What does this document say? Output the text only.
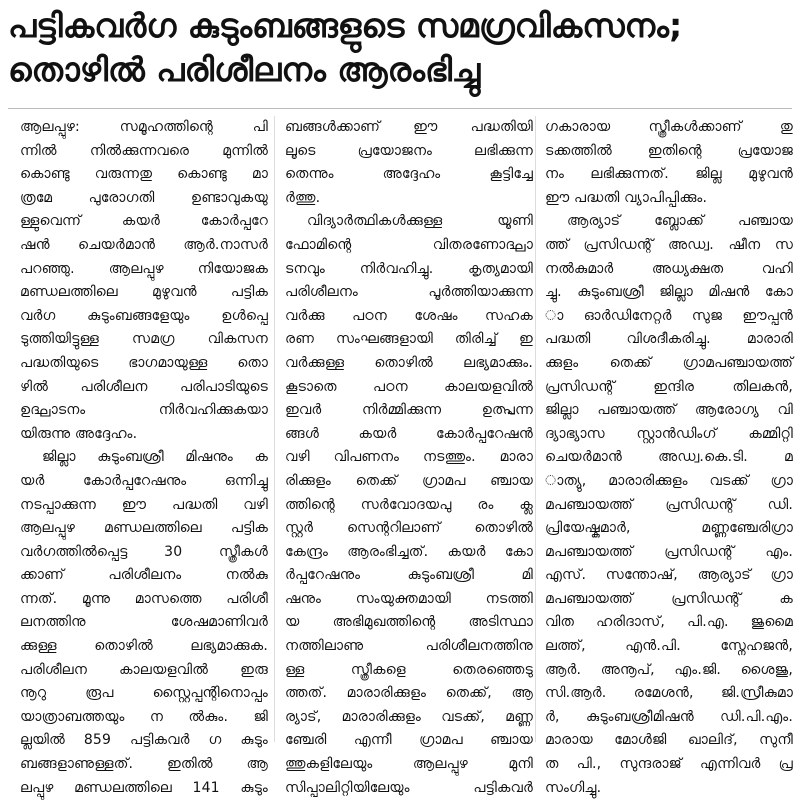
പട്ടികവർഗ കുടുംബങ്ങളുടെ സമഗ്രവികസനം;
തൊഴിൽ പരിശീലനം ആരംഭിച്ചു
ആലപ്പുഴ: സമൂഹത്തിന്റെ പി
ന്നിൽ നിൽക്കുന്നവരെ മുന്നിൽ
കൊണ്ടു വരുന്നതു കൊണ്ടു മാ
ത്രമേ പുരോഗതി ഉണ്ടാവുകയു
ള്ളുവെന്ന് കയർ കോർപ്പറേ
ഷൻ ചെയർമാൻ ആർ.നാസർ
പറഞ്ഞു. ആലപ്പുഴ നിയോജക
മണ്ഡലത്തിലെ മുഴുവൻ പട്ടിക
വർഗ കുടുംബങ്ങളേയും ഉൾപ്പെ
ടുത്തിയിട്ടുള്ള സമഗ്ര വികസന
പദ്ധതിയുടെ ഭാഗമായുള്ള തൊ
ഴിൽ പരിശീലന പരിപാടിയുടെ
ഉദ്ഘാടനം നിർവഹിക്കുകയാ
യിരുന്നു അദ്ദേഹം.
ജില്ലാ കുടുംബശ്രീ മിഷനും ക
യർ കോർപ്പറേഷനും ഒന്നിച്ചു
നടപ്പാക്കുന്ന ഈ പദ്ധതി വഴി
ആലപ്പുഴ മണ്ഡലത്തിലെ പട്ടിക
വർഗത്തിൽപ്പെട്ട 30 സ്ത്രീകൾ
ക്കാണ് പരിശീലനം നൽകു
ന്നത്. മൂന്നു മാസത്തെ പരിശീ
ലനത്തിനു ശേഷമാണിവർ
ക്കുള്ള തൊഴിൽ ലഭ്യമാക്കുക.
പരിശീലന കാലയളവിൽ ഇരു
നൂറു രൂപ സ്റ്റൈപ്പന്റിനൊപ്പം
യാത്രാബത്തയും ന ൽകും. ജി
ല്ലയിൽ 859 പട്ടികവർ ഗ കുടും
ബങ്ങളാണുള്ളത്. ഇതിൽ ആ
ലപ്പുഴ മണ്ഡലത്തിലെ 141 കുടും
ബങ്ങൾക്കാണ് ഈ പദ്ധതിയി
ലൂടെ പ്രയോജനം ലഭിക്കുന്ന
തെന്നും അദ്ദേഹം കൂട്ടിച്ചേ
ർത്തു.
വിദ്യാർത്ഥികൾക്കുള്ള യൂണി
ഫോമിന്റെ വിതരണോദ്ഘാ
ടനവും നിർവഹിച്ചു. കൃത്യമായി
പരിശീലനം പൂർത്തിയാക്കുന്ന
വർക്കു പഠന ശേഷം സഹക
രണ സംഘങ്ങളായി തിരിച്ച് ഇ
വർക്കുള്ള തൊഴിൽ ലഭ്യമാക്കും.
കൂടാതെ പഠന കാലയളവിൽ
ഇവർ നിർമ്മിക്കുന്ന ഉത്പ്പന്ന
ങ്ങൾ കയർ കോർപ്പറേഷൻ
വഴി വിപണനം നടത്തും. മാരാ
രിക്കുളം തെക്ക് ഗ്രാമപ ഞ്ചായ
ത്തിന്റെ സർവോദയപു രം ക്ല
സ്റ്റർ സെന്ററിലാണ് തൊഴിൽ
കേന്ദ്രം ആരംഭിച്ചത്. കയർ കോ
ർപ്പറേഷനും കുടുംബശ്രീ മി
ഷനും സംയുക്തമായി നടത്തി
യ അഭിമുഖത്തിന്റെ അടിസ്ഥാ
നത്തിലാണു പരിശീലനത്തിനു
ള്ള സ്ത്രീകളെ തെരഞ്ഞെടു
ത്തത്. മാരാരിക്കുളം തെക്ക്, ആ
ര്യാട്, മാരാരിക്കുളം വടക്ക്, മണ്ണ
ഞ്ചേരി എന്നീ ഗ്രാമപ ഞ്ചായ
ത്തുകളിലേയും ആലപ്പുഴ മുനി
സിപ്പാലിറ്റിയിലേയും പട്ടികവർ
ഗകാരായ സ്ത്രീകൾക്കാണ് തു
ടക്കത്തിൽ ഇതിന്റെ പ്രയോജ
നം ലഭിക്കുന്നത്. ജില്ല മുഴുവൻ
ഈ പദ്ധതി വ്യാപിപ്പിക്കും.
ആര്യാട് ബ്ലോക്ക് പഞ്ചായ
ത്ത് പ്രസിഡന്റ് അഡ്വ. ഷീന സ
നൽകുമാർ അധ്യക്ഷത വഹി
ച്ചു. കുടുംബശ്രീ ജില്ലാ മിഷൻ കോ
ാ ഓർഡിനേറ്റർ സുജ ഈപ്പൻ
പദ്ധതി വിശദീകരിച്ചു. മാരാരി
ക്കുളം തെക്ക് ഗ്രാമപഞ്ചായത്ത്
പ്രസിഡന്റ് ഇന്ദിര തിലകൻ,
ജില്ലാ പഞ്ചായത്ത് ആരോഗ്യ വി
ദ്യാഭ്യാസ സ്റ്റാൻഡിംഗ് കമ്മിറ്റി
ചെയർമാൻ അഡ്വ.കെ.ടി. മ
ാത്യു, മാരാരിക്കുളം വടക്ക് ഗ്രാ
മപഞ്ചായത്ത് പ്രസിഡന്റ് ഡി.
പ്രിയേഷ്കുമാർ, മണ്ണഞ്ചേരിഗ്രാ
മപഞ്ചായത്ത് പ്രസിഡന്റ് എം.
എസ്. സന്തോഷ്, ആര്യാട് ഗ്രാ
മപഞ്ചായത്ത് പ്രസിഡന്റ് ക
വിത ഹരിദാസ്, പി.എ. ജുമൈ
ലത്ത്, എൻ.പി. സ്നേഹജൻ,
ആർ. അനൂപ്, എം.ജി. ശൈജു,
സി.ആർ. രമേശൻ, ജി.സ്രീകുമാ
ർ, കുടുംബശ്രീമിഷൻ ഡി.പി.എം.
മാരായ മോൾജി ഖാലിദ്, സുനീ
ത പി., സുന്ദരാജ് എന്നിവർ പ്ര
സംഗിച്ചു.
